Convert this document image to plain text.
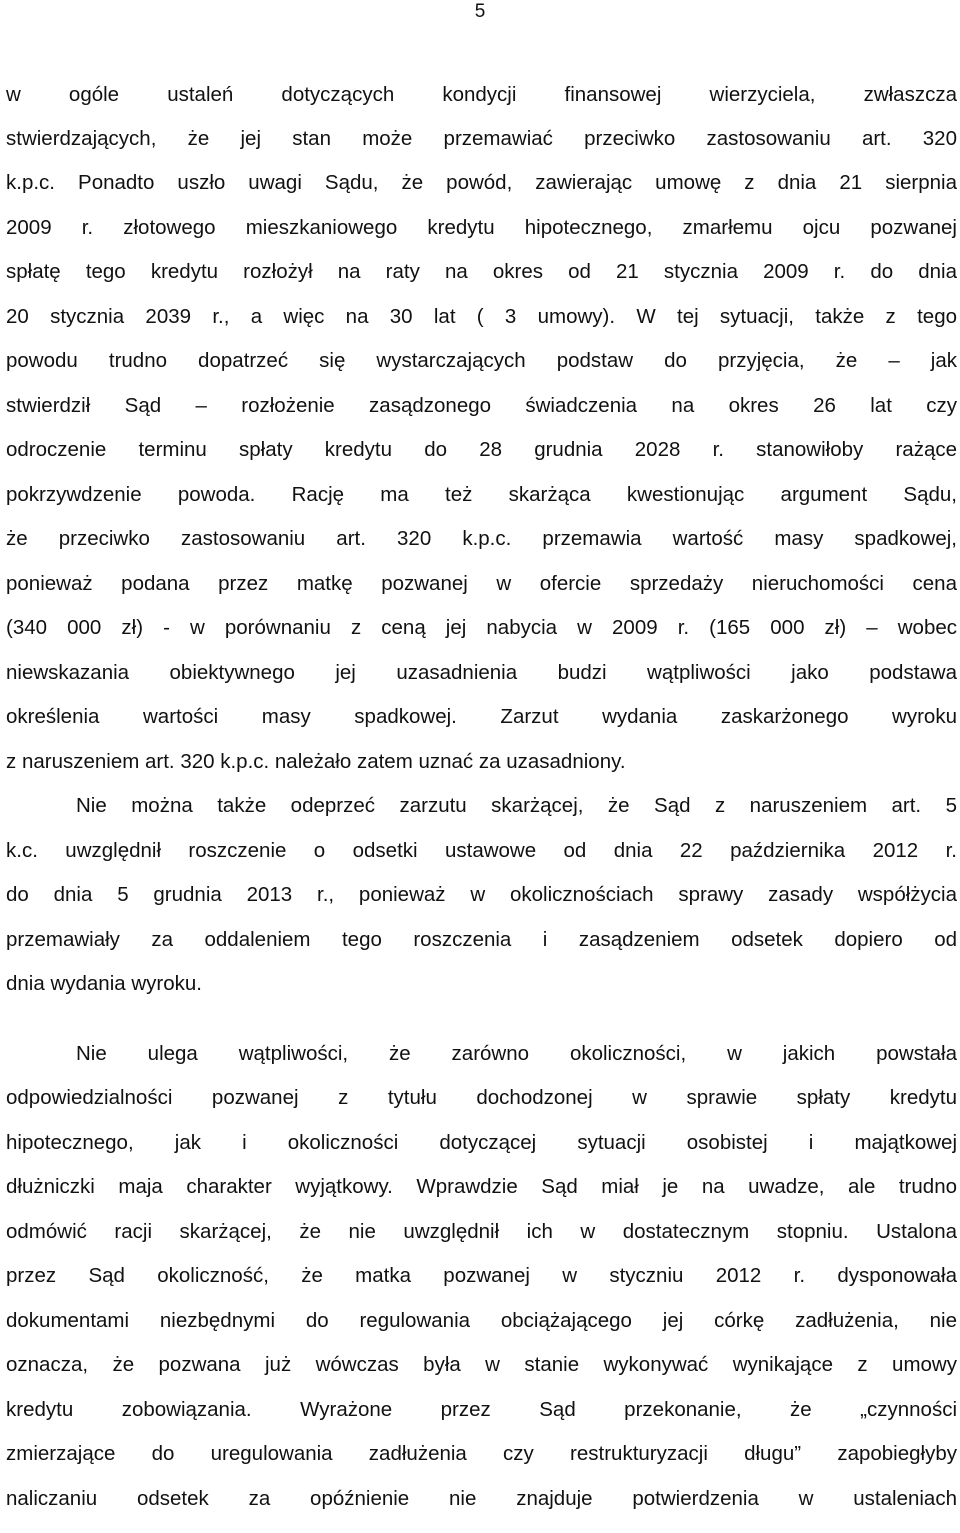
5
w ogóle ustaleń dotyczących kondycji finansowej wierzyciela, zwłaszcza
stwierdzających, że jej stan może przemawiać przeciwko zastosowaniu art. 320
k.p.c. Ponadto uszło uwagi Sądu, że powód, zawierając umowę z dnia 21 sierpnia
2009 r. złotowego mieszkaniowego kredytu hipotecznego, zmarłemu ojcu pozwanej
spłatę tego kredytu rozłożył na raty na okres od 21 stycznia 2009 r. do dnia
20 stycznia 2039 r., a więc na 30 lat ( 3 umowy). W tej sytuacji, także z tego
powodu trudno dopatrzeć się wystarczających podstaw do przyjęcia, że – jak
stwierdził Sąd – rozłożenie zasądzonego świadczenia na okres 26 lat czy
odroczenie terminu spłaty kredytu do 28 grudnia 2028 r. stanowiłoby rażące
pokrzywdzenie powoda. Rację ma też skarżąca kwestionując argument Sądu,
że przeciwko zastosowaniu art. 320 k.p.c. przemawia wartość masy spadkowej,
ponieważ podana przez matkę pozwanej w ofercie sprzedaży nieruchomości cena
(340 000 zł) - w porównaniu z ceną jej nabycia w 2009 r. (165 000 zł) – wobec
niewskazania obiektywnego jej uzasadnienia budzi wątpliwości jako podstawa
określenia wartości masy spadkowej. Zarzut wydania zaskarżonego wyroku
z naruszeniem art. 320 k.p.c. należało zatem uznać za uzasadniony.
Nie można także odeprzeć zarzutu skarżącej, że Sąd z naruszeniem art. 5
k.c. uwzględnił roszczenie o odsetki ustawowe od dnia 22 października 2012 r.
do dnia 5 grudnia 2013 r., ponieważ w okolicznościach sprawy zasady współżycia
przemawiały za oddaleniem tego roszczenia i zasądzeniem odsetek dopiero od
dnia wydania wyroku.
Nie ulega wątpliwości, że zarówno okoliczności, w jakich powstała
odpowiedzialności pozwanej z tytułu dochodzonej w sprawie spłaty kredytu
hipotecznego, jak i okoliczności dotyczącej sytuacji osobistej i majątkowej
dłużniczki maja charakter wyjątkowy. Wprawdzie Sąd miał je na uwadze, ale trudno
odmówić racji skarżącej, że nie uwzględnił ich w dostatecznym stopniu. Ustalona
przez Sąd okoliczność, że matka pozwanej w styczniu 2012 r. dysponowała
dokumentami niezbędnymi do regulowania obciążającego jej córkę zadłużenia, nie
oznacza, że pozwana już wówczas była w stanie wykonywać wynikające z umowy
kredytu zobowiązania. Wyrażone przez Sąd przekonanie, że „czynności
zmierzające do uregulowania zadłużenia czy restrukturyzacji długu” zapobiegłyby
naliczaniu odsetek za opóźnienie nie znajduje potwierdzenia w ustaleniach
